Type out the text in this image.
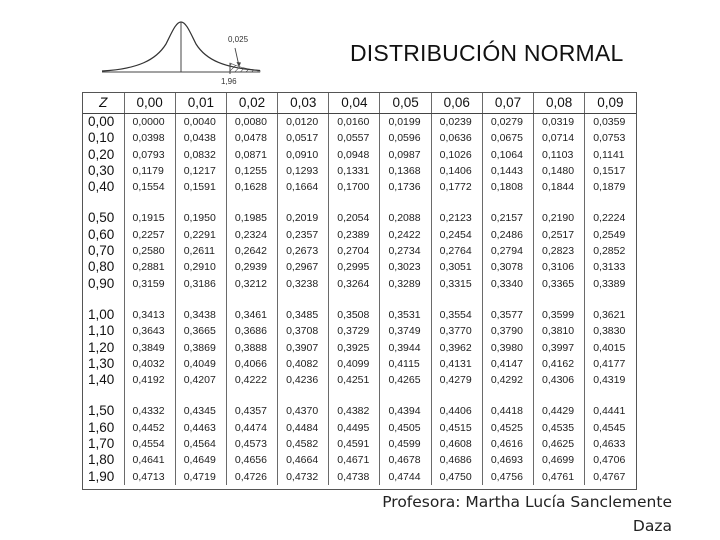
0,025
1,96
DISTRIBUCIÓN NORMAL
Z	0,00	0,01	0,02	0,03	0,04	0,05	0,06	0,07	0,08	0,09
0,00	0,0000	0,0040	0,0080	0,0120	0,0160	0,0199	0,0239	0,0279	0,0319	0,0359
0,10	0,0398	0,0438	0,0478	0,0517	0,0557	0,0596	0,0636	0,0675	0,0714	0,0753
0,20	0,0793	0,0832	0,0871	0,0910	0,0948	0,0987	0,1026	0,1064	0,1103	0,1141
0,30	0,1179	0,1217	0,1255	0,1293	0,1331	0,1368	0,1406	0,1443	0,1480	0,1517
0,40	0,1554	0,1591	0,1628	0,1664	0,1700	0,1736	0,1772	0,1808	0,1844	0,1879

0,50	0,1915	0,1950	0,1985	0,2019	0,2054	0,2088	0,2123	0,2157	0,2190	0,2224
0,60	0,2257	0,2291	0,2324	0,2357	0,2389	0,2422	0,2454	0,2486	0,2517	0,2549
0,70	0,2580	0,2611	0,2642	0,2673	0,2704	0,2734	0,2764	0,2794	0,2823	0,2852
0,80	0,2881	0,2910	0,2939	0,2967	0,2995	0,3023	0,3051	0,3078	0,3106	0,3133
0,90	0,3159	0,3186	0,3212	0,3238	0,3264	0,3289	0,3315	0,3340	0,3365	0,3389

1,00	0,3413	0,3438	0,3461	0,3485	0,3508	0,3531	0,3554	0,3577	0,3599	0,3621
1,10	0,3643	0,3665	0,3686	0,3708	0,3729	0,3749	0,3770	0,3790	0,3810	0,3830
1,20	0,3849	0,3869	0,3888	0,3907	0,3925	0,3944	0,3962	0,3980	0,3997	0,4015
1,30	0,4032	0,4049	0,4066	0,4082	0,4099	0,4115	0,4131	0,4147	0,4162	0,4177
1,40	0,4192	0,4207	0,4222	0,4236	0,4251	0,4265	0,4279	0,4292	0,4306	0,4319

1,50	0,4332	0,4345	0,4357	0,4370	0,4382	0,4394	0,4406	0,4418	0,4429	0,4441
1,60	0,4452	0,4463	0,4474	0,4484	0,4495	0,4505	0,4515	0,4525	0,4535	0,4545
1,70	0,4554	0,4564	0,4573	0,4582	0,4591	0,4599	0,4608	0,4616	0,4625	0,4633
1,80	0,4641	0,4649	0,4656	0,4664	0,4671	0,4678	0,4686	0,4693	0,4699	0,4706
1,90	0,4713	0,4719	0,4726	0,4732	0,4738	0,4744	0,4750	0,4756	0,4761	0,4767
Profesora: Martha Lucía Sanclemente
Daza
